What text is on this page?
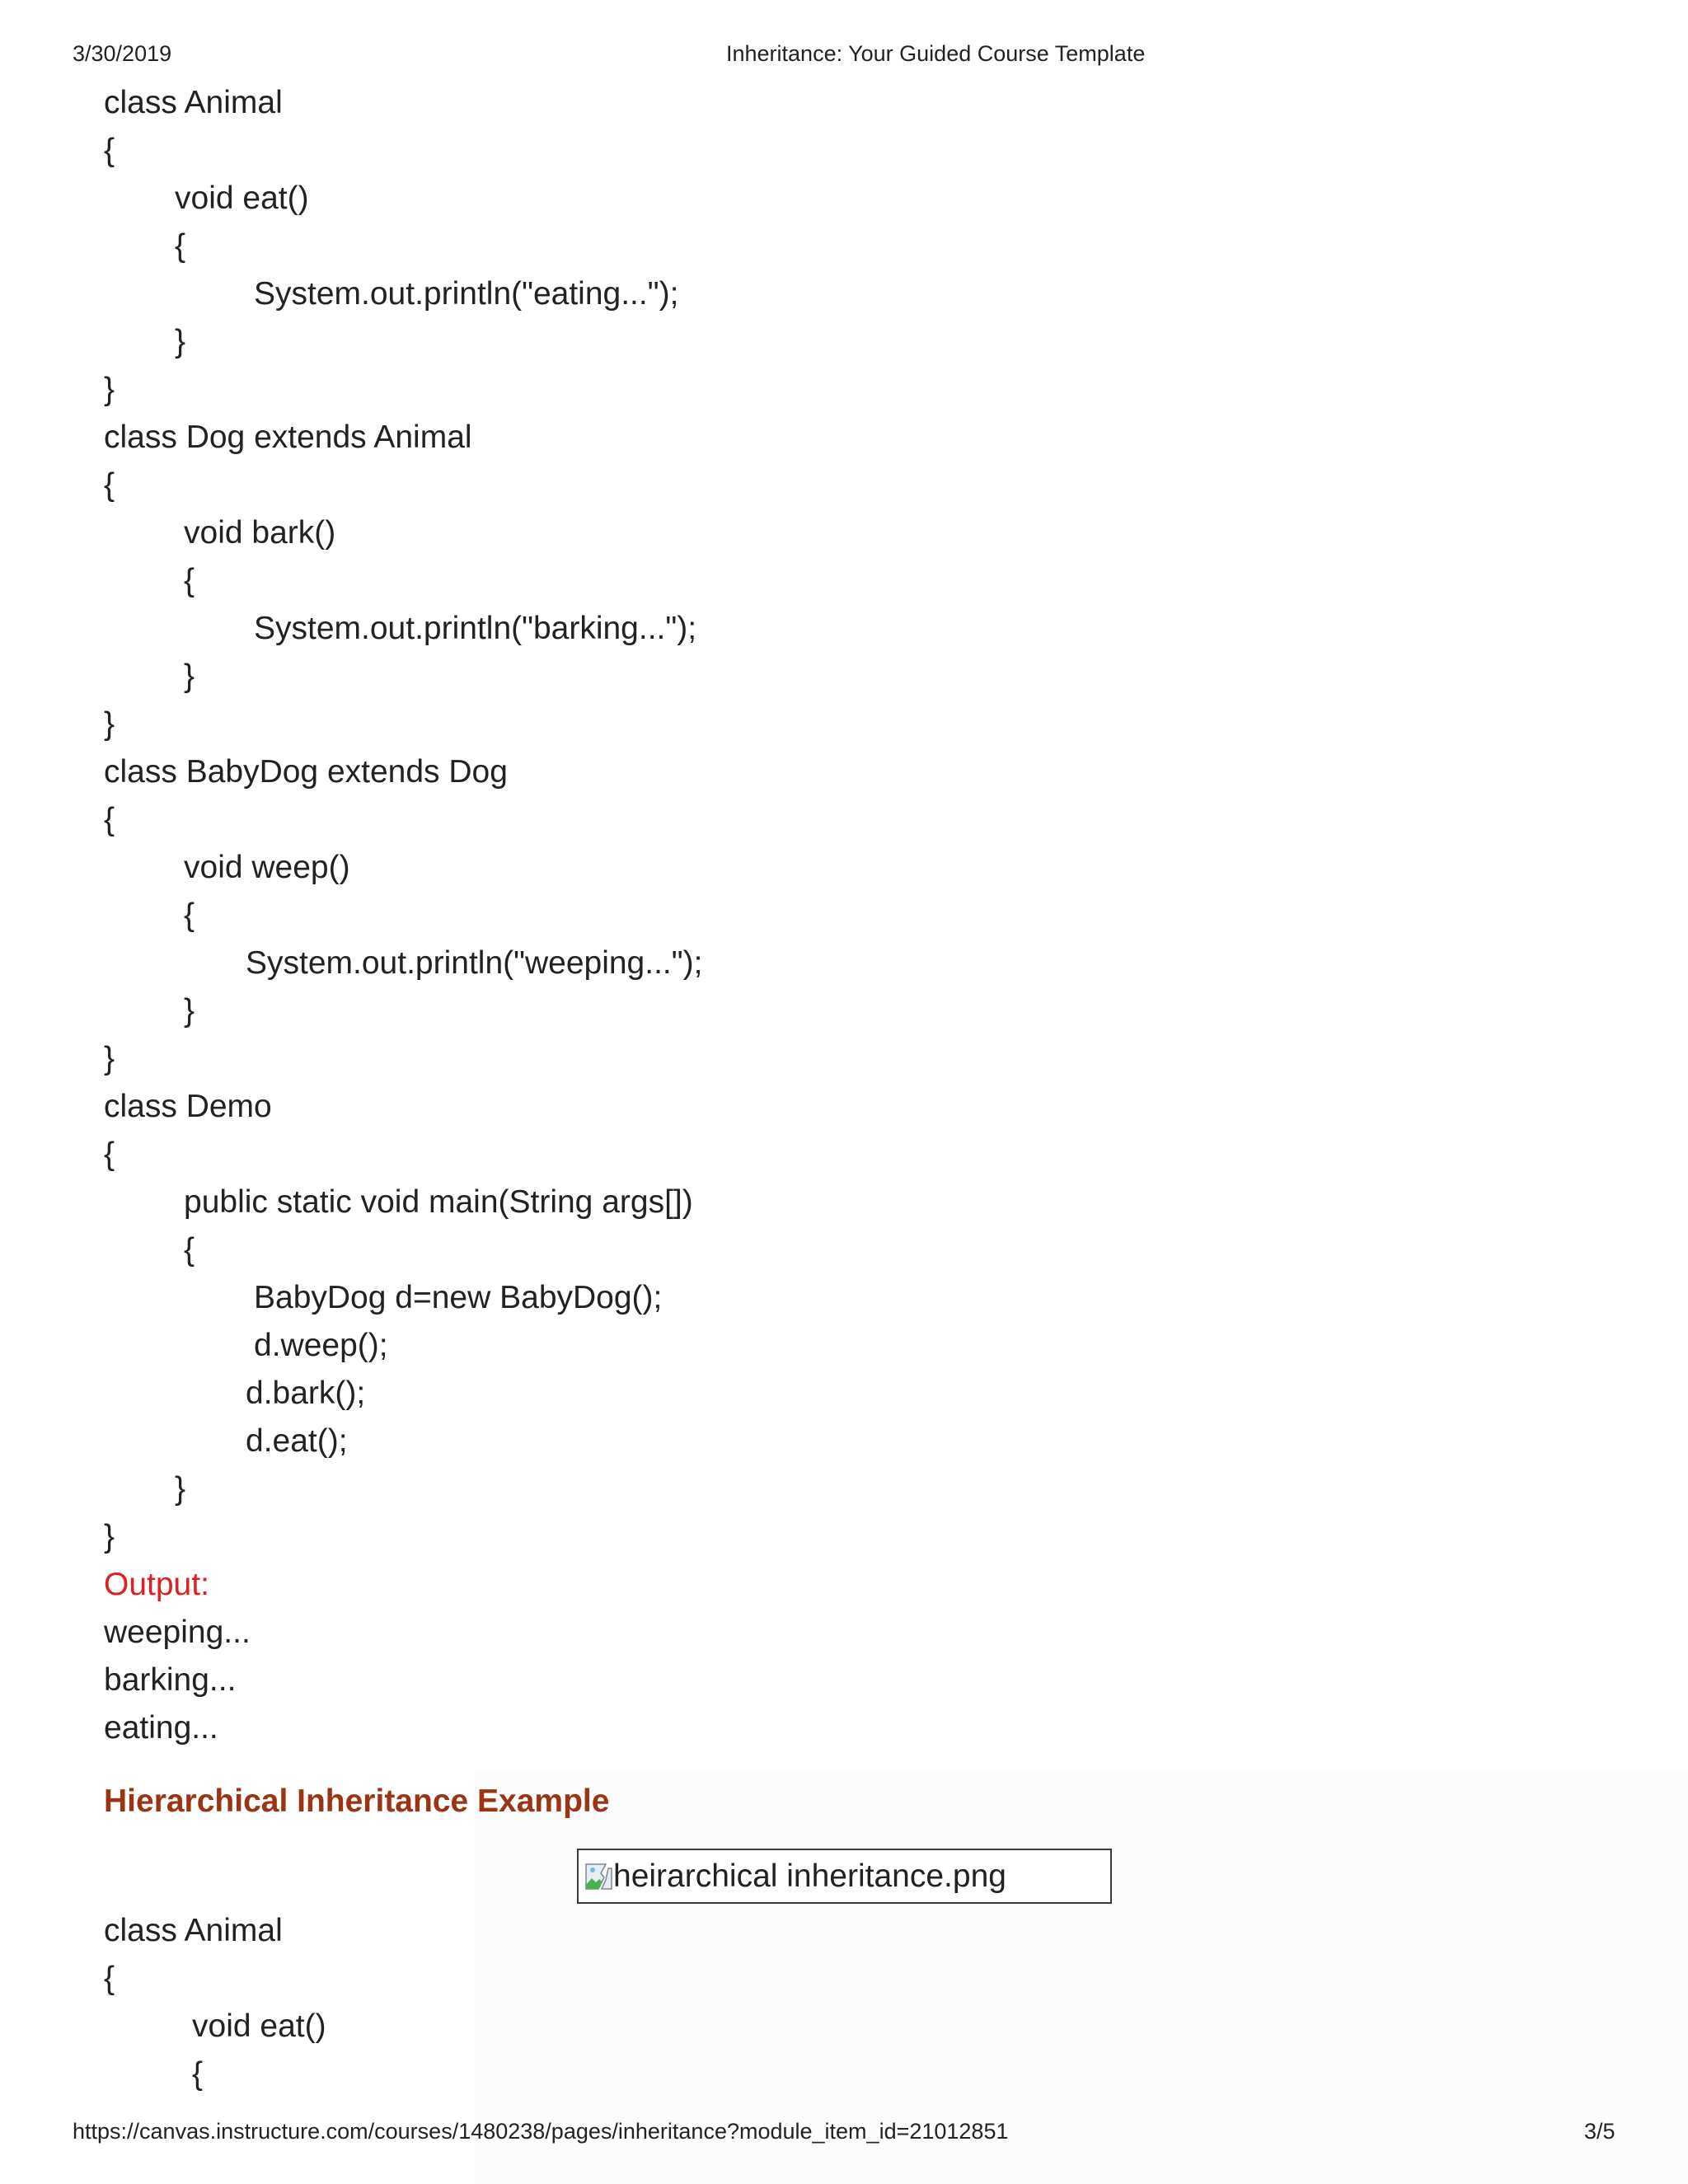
3/30/2019	Inheritance: Your Guided Course Template
class Animal
{
void eat()
{
System.out.println("eating...");
}
}
class Dog extends Animal
{
void bark()
{
System.out.println("barking...");
}
}
class BabyDog extends Dog
{
void weep()
{
System.out.println("weeping...");
}
}
class Demo
{
public static void main(String args[])
{
BabyDog d=new BabyDog();
d.weep();
d.bark();
d.eat();
}
}
Output:
weeping...
barking...
eating...
Hierarchical Inheritance Example
heirarchical inheritance.png
class Animal
{
void eat()
{
https://canvas.instructure.com/courses/1480238/pages/inheritance?module_item_id=21012851	3/5
